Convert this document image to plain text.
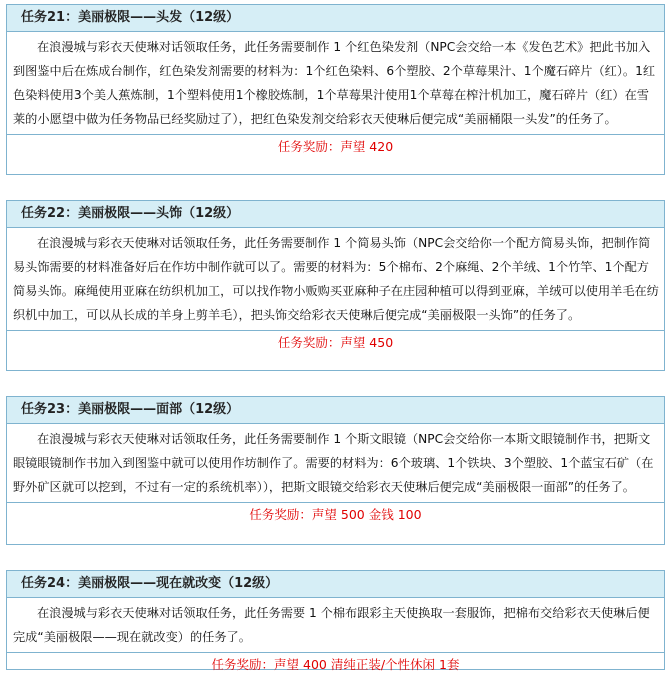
任务21：美丽极限——头发（12级）
在浪漫城与彩衣天使琳对话领取任务，此任务需要制作 1 个红色染发剂（NPC会交给一本《发色艺术》把此书加入到图鉴中后在炼成台制作，红色染发剂需要的材料为：1个红色染料、6个塑胶、2个草莓果汁、1个魔石碎片（红）。1红色染料使用3个美人蕉炼制，1个塑料使用1个橡胶炼制，1个草莓果汁使用1个草莓在榨汁机加工，魔石碎片（红）在雪莱的小愿望中做为任务物品已经奖励过了），把红色染发剂交给彩衣天使琳后便完成“美丽桶限一头发”的任务了。
任务奖励：声望 420
任务22：美丽极限——头饰（12级）
在浪漫城与彩衣天使琳对话领取任务，此任务需要制作 1 个简易头饰（NPC会交给你一个配方简易头饰，把制作简易头饰需要的材料准备好后在作坊中制作就可以了。需要的材料为：5个棉布、2个麻绳、2个羊绒、1个竹竿、1个配方简易头饰。麻绳使用亚麻在纺织机加工，可以找作物小贩购买亚麻种子在庄园种植可以得到亚麻，羊绒可以使用羊毛在纺织机中加工，可以从长成的羊身上剪羊毛），把头饰交给彩衣天使琳后便完成“美丽极限一头饰”的任务了。
任务奖励：声望 450
任务23：美丽极限——面部（12级）
在浪漫城与彩衣天使琳对话领取任务，此任务需要制作 1 个斯文眼镜（NPC会交给你一本斯文眼镜制作书，把斯文眼镜眼镜制作书加入到图鉴中就可以使用作坊制作了。需要的材料为：6个玻璃、1个铁块、3个塑胶、1个蓝宝石矿（在野外矿区就可以挖到，不过有一定的系统机率）），把斯文眼镜交给彩衣天使琳后便完成“美丽极限一面部”的任务了。
任务奖励：声望 500 金钱 100
任务24：美丽极限——现在就改变（12级）
在浪漫城与彩衣天使琳对话领取任务，此任务需要 1 个棉布跟彩主天使换取一套服饰，把棉布交给彩衣天使琳后便完成“美丽极限——现在就改变）的任务了。
任务奖励：声望 400 清纯正装/个性休闲 1套
